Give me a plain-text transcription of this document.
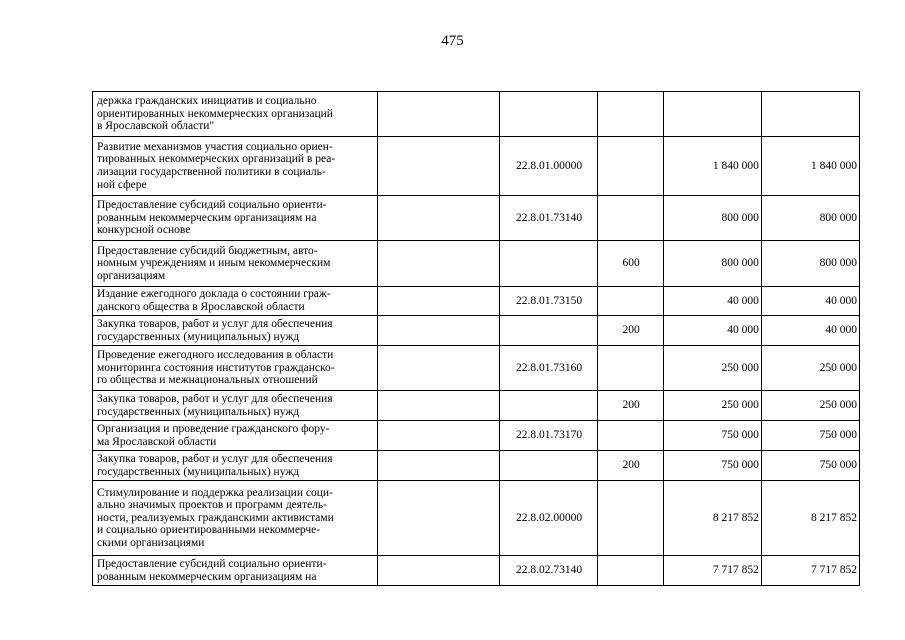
475
держка гражданских инициатив и социально
ориентированных некоммерческих организаций
в Ярославской области"					

Развитие механизмов участия социально ориен-
тированных некоммерческих организаций в реа-
лизации государственной политики в социаль-
ной сфере		22.8.01.00000		1 840 000	1 840 000

Предоставление субсидий социально ориенти-
рованным некоммерческим организациям на
конкурсной основе		22.8.01.73140		800 000	800 000

Предоставление субсидий бюджетным, авто-
номным учреждениям и иным некоммерческим
организациям			600	800 000	800 000

Издание ежегодного доклада о состоянии граж-
данского общества в Ярославской области		22.8.01.73150		40 000	40 000

Закупка товаров, работ и услуг для обеспечения
государственных (муниципальных) нужд			200	40 000	40 000

Проведение ежегодного исследования в области
мониторинга состояния институтов гражданско-
го общества и межнациональных отношений		22.8.01.73160		250 000	250 000

Закупка товаров, работ и услуг для обеспечения
государственных (муниципальных) нужд			200	250 000	250 000

Организация и проведение гражданского фору-
ма Ярославской области		22.8.01.73170		750 000	750 000

Закупка товаров, работ и услуг для обеспечения
государственных (муниципальных) нужд			200	750 000	750 000

Стимулирование и поддержка реализации соци-
ально значимых проектов и программ деятель-
ности, реализуемых гражданскими активистами
и социально ориентированными некоммерче-
скими организациями		22.8.02.00000		8 217 852	8 217 852

Предоставление субсидий социально ориенти-
рованным некоммерческим организациям на		22.8.02.73140		7 717 852	7 717 852
